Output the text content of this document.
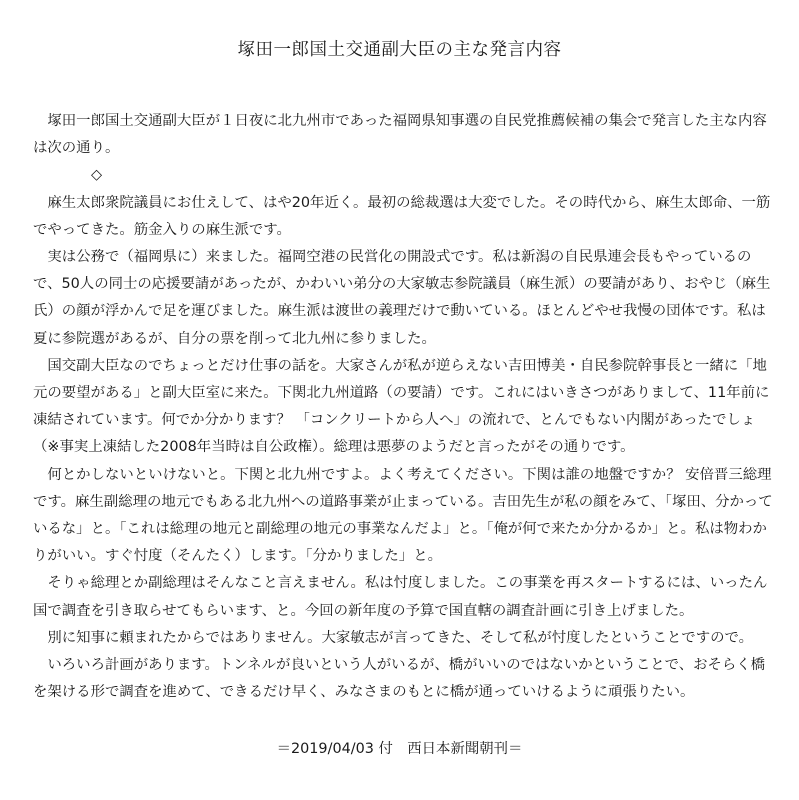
塚田一郎国土交通副大臣の主な発言内容

塚田一郎国土交通副大臣が１日夜に北九州市であった福岡県知事選の自民党推薦候補の集会で発言した主な内容は次の通り。

◇

麻生太郎衆院議員にお仕えして、はや20年近く。最初の総裁選は大変でした。その時代から、麻生太郎命、一筋でやってきた。筋金入りの麻生派です。

実は公務で（福岡県に）来ました。福岡空港の民営化の開設式です。私は新潟の自民県連会長もやっているので、50人の同士の応援要請があったが、かわいい弟分の大家敏志参院議員（麻生派）の要請があり、おやじ（麻生氏）の顔が浮かんで足を運びました。麻生派は渡世の義理だけで動いている。ほとんどやせ我慢の団体です。私は夏に参院選があるが、自分の票を削って北九州に参りました。

国交副大臣なのでちょっとだけ仕事の話を。大家さんが私が逆らえない吉田博美・自民参院幹事長と一緒に「地元の要望がある」と副大臣室に来た。下関北九州道路（の要請）です。これにはいきさつがありまして、11年前に凍結されています。何でか分かります？ 「コンクリートから人へ」の流れで、とんでもない内閣があったでしょ（※事実上凍結した2008年当時は自公政権）。総理は悪夢のようだと言ったがその通りです。

何とかしないといけないと。下関と北九州ですよ。よく考えてください。下関は誰の地盤ですか？ 安倍晋三総理です。麻生副総理の地元でもある北九州への道路事業が止まっている。吉田先生が私の顔をみて、「塚田、分かっているな」と。「これは総理の地元と副総理の地元の事業なんだよ」と。「俺が何で来たか分かるか」と。私は物わかりがいい。すぐ忖度（そんたく）します。「分かりました」と。

そりゃ総理とか副総理はそんなこと言えません。私は忖度しました。この事業を再スタートするには、いったん国で調査を引き取らせてもらいます、と。今回の新年度の予算で国直轄の調査計画に引き上げました。

別に知事に頼まれたからではありません。大家敏志が言ってきた、そして私が忖度したということですので。

いろいろ計画があります。トンネルが良いという人がいるが、橋がいいのではないかということで、おそらく橋を架ける形で調査を進めて、できるだけ早く、みなさまのもとに橋が通っていけるように頑張りたい。

＝2019/04/03 付　西日本新聞朝刊＝
